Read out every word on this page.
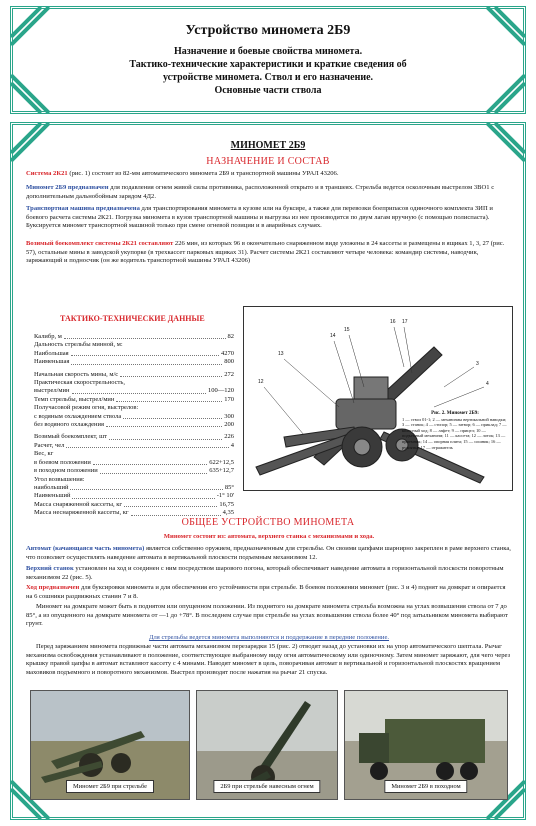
Устройство миномета 2Б9
Назначение и боевые свойства миномета.
Тактико-технические характеристики и краткие сведения об
устройстве миномета. Ствол и его назначение.
Основные части ствола
МИНОМЕТ 2Б9
НАЗНАЧЕНИЕ И СОСТАВ
Система 2К21 (рис. 1) состоит из 82-мм автоматического миномета 2Б9 и транспортной машины УРАЛ 43206.
Миномет 2Б9 предназначен для подавления огнем живой силы противника, расположенной открыто и в траншеях. Стрельба ведется осколочным выстрелом 3ВО1 с дополнительным дальнобойным зарядом 4Д2.
Транспортная машина предназначена для транспортирования миномета в кузове или на буксире, а также для перевозки боеприпасов одиночного комплекта ЗИП и боевого расчета системы 2К21. Погрузка миномета в кузов транспортной машины и выгрузка из нее производится по двум лагам вручную (с помощью полиспаста). Буксируется миномет транспортной машиной только при смене огневой позиции и в аварийных случаях.
Возимый боекомплект системы 2К21 составляют 226 мин, из которых 96 в окончательно снаряженном виде уложены в 24 кассеты и размещены в ящиках 1, 3, 27 (рис. 57), остальные мины в заводской укупорке (в трехкассет парковых ящиках 31). Расчет системы 2К21 составляют четыре человека: командир системы, наводчик, заряжающий и подносчик (он же водитель транспортной машины УРАЛ 43206)
ТАКТИКО-ТЕХНИЧЕСКИЕ ДАННЫЕ
Калибр, м	82
Дальность стрельбы минной, м:
Наибольшая	4270
Наименьшая	800
Начальная скорость мины, м/с	272
Практическая скорострельность,
выстрел/мин	100—120
Темп стрельбы, выстрел/мин	170
Получасовой режим огня, выстрелов:
с водяным охлаждением ствола	300
без водяного охлаждения	200
Возимый боекомплект, шт	226
Расчет, чел	4
Вес, кг
в боевом положении	622+12,5
в походном положении	635+12,7
Угол возвышения:
наибольший	85°
Наименьший	-1° 10'
Масса снаряженной кассеты, кг	16,75
Масса неснаряженной кассеты, кг	4,35
16 17
15
14
13
12
3
4
Рис. 2. Миномет 2Б9:
1 — ствол 01-1; 2 — механизмы вертикальной наводки; 3 — станок; 4 — стопор; 5 — затвор; 6 — приклад; 7 — колесный ход; 8 — лафет; 9 — прицел; 10 — подъемный механизм; 11 — кассета; 12 — лоток; 13 — приемник; 14 — опорная плита; 15 — сошник; 16 — рукоятка; 17 — отражатель
ОБЩЕЕ УСТРОЙСТВО МИНОМЕТА
Миномет состоит из: автомата, верхнего станка с механизмами и хода.
Автомат (качающаяся часть миномета) является собственно оружием, предназначенным для стрельбы. Он своими цапфами шарнирно закреплен в раме верхнего станка, что позволяет осуществлять наведение автомата в вертикальной плоскости подъемным механизмом 12.
Верхний станок установлен на ход и соединен с ним посредством шарового погона, который обеспечивает наведение автомата в горизонтальной плоскости поворотным механизмом 22 (рис. 5).
Ход предназначен для буксировки миномета и для обеспечения его устойчивости при стрельбе. В боевом положении миномет (рис. 3 и 4) поднят на домкрат и опирается на 6 сошники раздвижных станин 7 и 8.
Миномет на домкрате может быть в поднятом или опущенном положении. Из поднятого на домкрате миномета стрельба возможна на углах возвышения ствола от 7 до 85°, а из опущенного на домкрате миномета от —1 до +78°. В последнем случае при стрельбе на углах возвышения ствола более 40° под затыльником миномета выбирают грунт.
Для стрельбы ведется миномета выполняются и поддержание в передние положение.
Перед заряжанием миномета подвижные части автомата механизмом перезарядки 15 (рис. 2) отводят назад до установки их на упор автоматического шептала. Рычаг механизма освобождения устанавливают в положение, соответствующее выбранному виду огня автоматическому или одиночному. Затем миномет заряжают, для чего через крышку правой цапфы в автомат вставляют кассету с 4 минами. Наводят миномет в цель, поворачивая автомат в вертикальной и горизонтальной плоскостях вращением маховиков подъемного и поворотного механизмов. Выстрел производят после нажатия на рычаг 21 спуска.
Миномет 2Б9 при стрельбе	2Б9 при стрельбе навесным огнем	Миномет 2Б9 в походном
